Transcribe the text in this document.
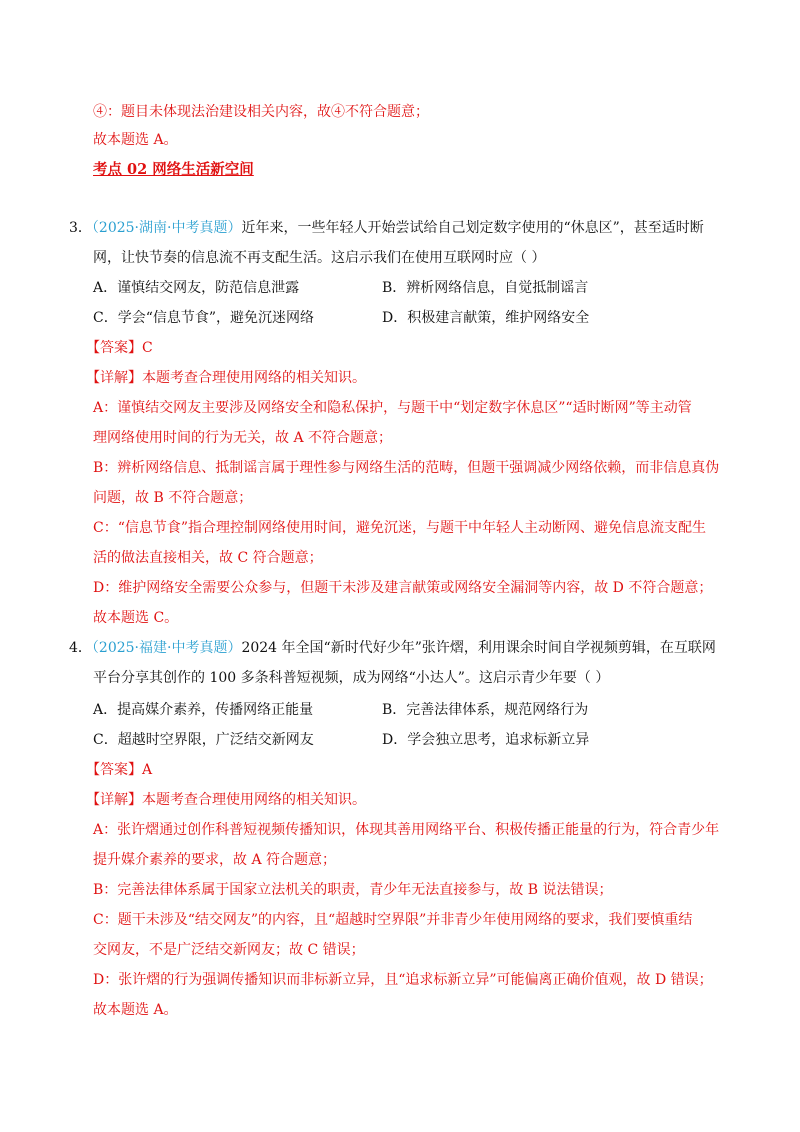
④：题目未体现法治建设相关内容，故④不符合题意；
故本题选 A。
考点 02 网络生活新空间
3．（2025·湖南·中考真题）近年来，一些年轻人开始尝试给自己划定数字使用的“休息区”，甚至适时断
网，让快节奏的信息流不再支配生活。这启示我们在使用互联网时应（ ）
A．谨慎结交网友，防范信息泄露	B．辨析网络信息，自觉抵制谣言
C．学会“信息节食”，避免沉迷网络	D．积极建言献策，维护网络安全
【答案】C
【详解】本题考查合理使用网络的相关知识。
A：谨慎结交网友主要涉及网络安全和隐私保护，与题干中“划定数字休息区”“适时断网”等主动管
理网络使用时间的行为无关，故 A 不符合题意；
B：辨析网络信息、抵制谣言属于理性参与网络生活的范畴，但题干强调减少网络依赖，而非信息真伪
问题，故 B 不符合题意；
C：“信息节食”指合理控制网络使用时间，避免沉迷，与题干中年轻人主动断网、避免信息流支配生
活的做法直接相关，故 C 符合题意；
D：维护网络安全需要公众参与，但题干未涉及建言献策或网络安全漏洞等内容，故 D 不符合题意；
故本题选 C。
4．（2025·福建·中考真题）2024 年全国“新时代好少年”张许熠，利用课余时间自学视频剪辑，在互联网
平台分享其创作的 100 多条科普短视频，成为网络“小达人”。这启示青少年要（ ）
A．提高媒介素养，传播网络正能量	B．完善法律体系，规范网络行为
C．超越时空界限，广泛结交新网友	D．学会独立思考，追求标新立异
【答案】A
【详解】本题考查合理使用网络的相关知识。
A：张许熠通过创作科普短视频传播知识，体现其善用网络平台、积极传播正能量的行为，符合青少年
提升媒介素养的要求，故 A 符合题意；
B：完善法律体系属于国家立法机关的职责，青少年无法直接参与，故 B 说法错误；
C：题干未涉及“结交网友”的内容，且“超越时空界限”并非青少年使用网络的要求，我们要慎重结
交网友，不是广泛结交新网友；故 C 错误；
D：张许熠的行为强调传播知识而非标新立异，且“追求标新立异”可能偏离正确价值观，故 D 错误；
故本题选 A。
